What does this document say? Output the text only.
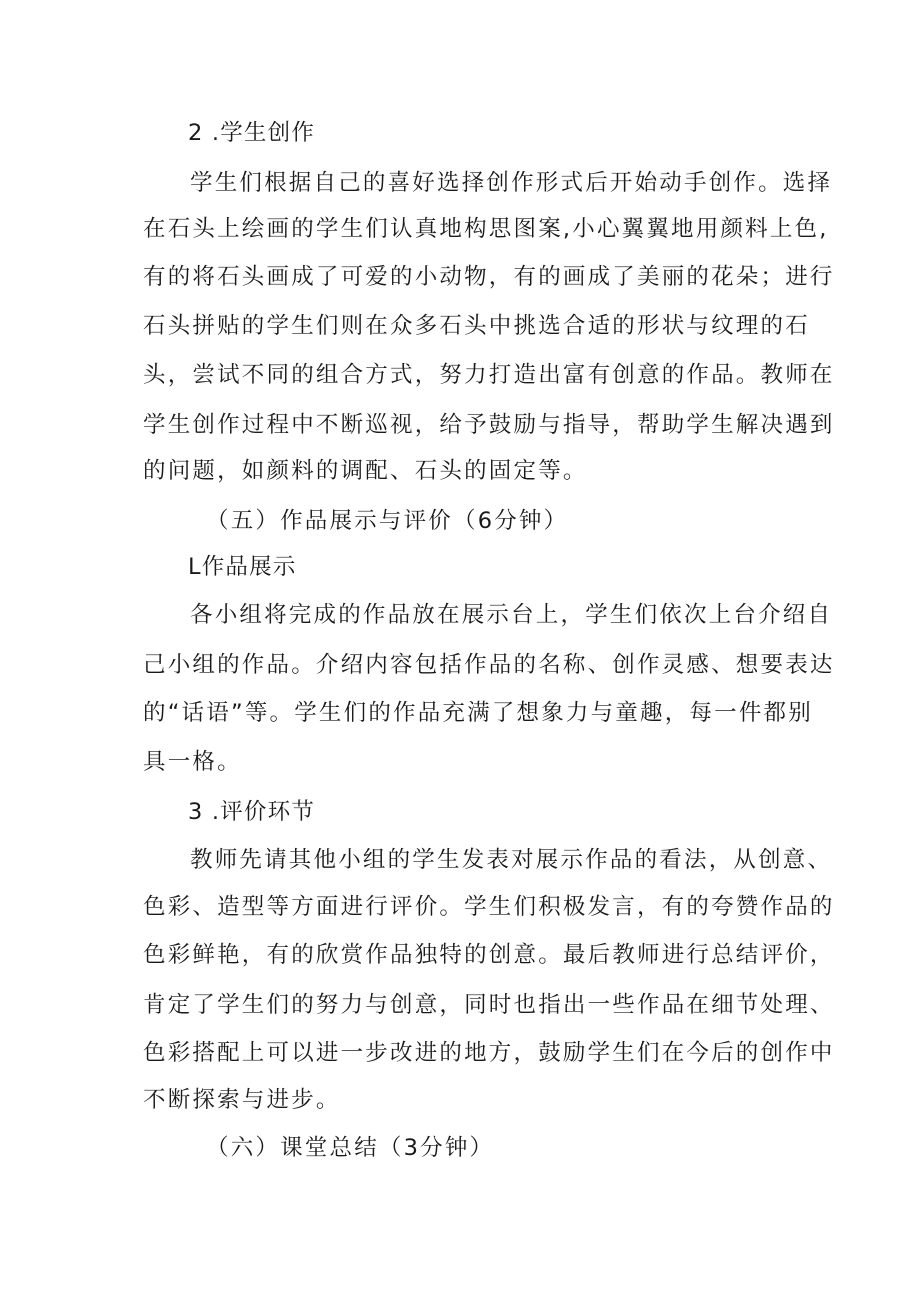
2 .学生创作
学生们根据自己的喜好选择创作形式后开始动手创作。选择
在石头上绘画的学生们认真地构思图案,小心翼翼地用颜料上色,
有的将石头画成了可爱的小动物，有的画成了美丽的花朵；进行
石头拼贴的学生们则在众多石头中挑选合适的形状与纹理的石
头，尝试不同的组合方式，努力打造出富有创意的作品。教师在
学生创作过程中不断巡视，给予鼓励与指导，帮助学生解决遇到
的问题，如颜料的调配、石头的固定等。
（五）作品展示与评价（6分钟）
L作品展示
各小组将完成的作品放在展示台上，学生们依次上台介绍自
己小组的作品。介绍内容包括作品的名称、创作灵感、想要表达
的“话语”等。学生们的作品充满了想象力与童趣，每一件都别
具一格。
3 .评价环节
教师先请其他小组的学生发表对展示作品的看法，从创意、
色彩、造型等方面进行评价。学生们积极发言，有的夸赞作品的
色彩鲜艳，有的欣赏作品独特的创意。最后教师进行总结评价，
肯定了学生们的努力与创意，同时也指出一些作品在细节处理、
色彩搭配上可以进一步改进的地方，鼓励学生们在今后的创作中
不断探索与进步。
（六）课堂总结（3分钟）
